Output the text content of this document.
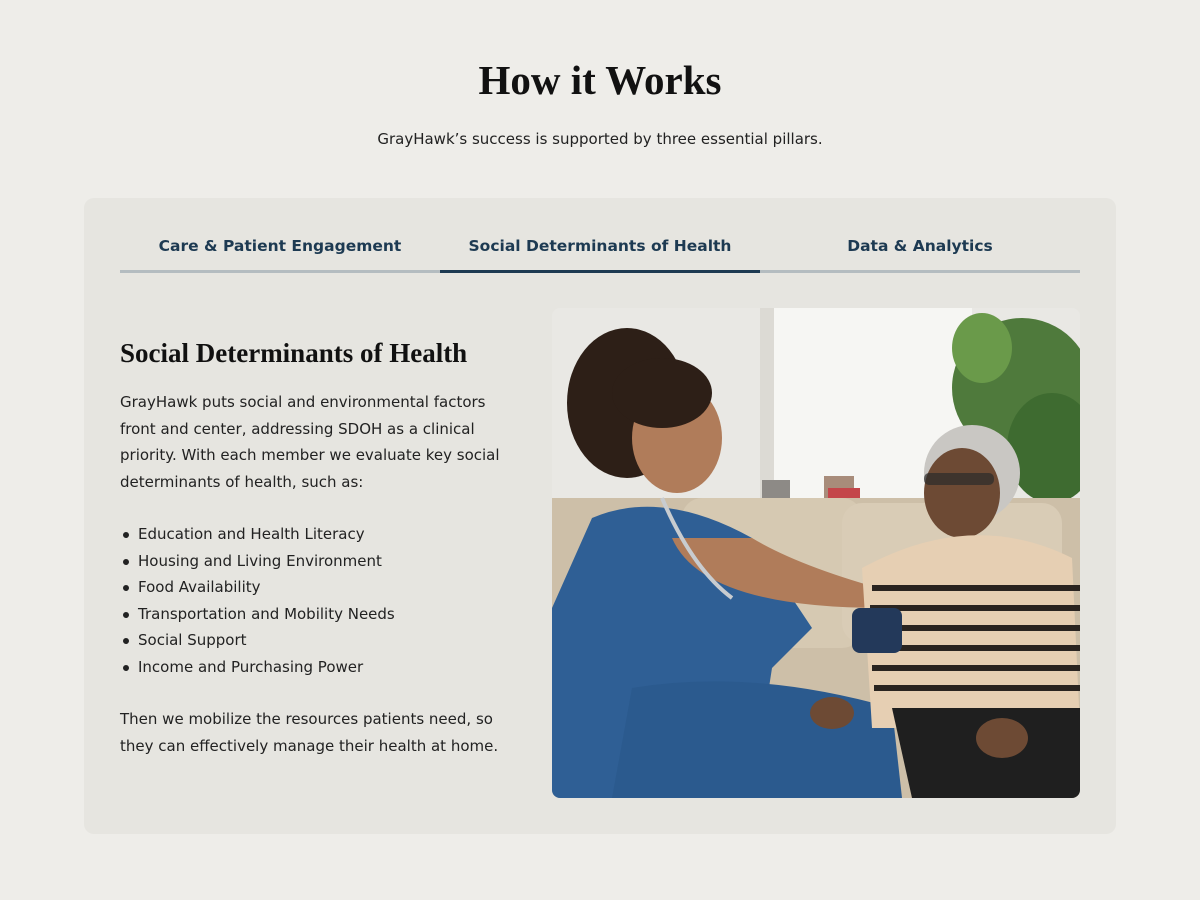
How it Works

GrayHawk’s success is supported by three essential pillars.

Care & Patient Engagement	Social Determinants of Health	Data & Analytics
Social Determinants of Health

GrayHawk puts social and environmental factors front and center, addressing SDOH as a clinical priority. With each member we evaluate key social determinants of health, such as:

Education and Health Literacy
Housing and Living Environment
Food Availability
Transportation and Mobility Needs
Social Support
Income and Purchasing Power

Then we mobilize the resources patients need, so they can effectively manage their health at home.
